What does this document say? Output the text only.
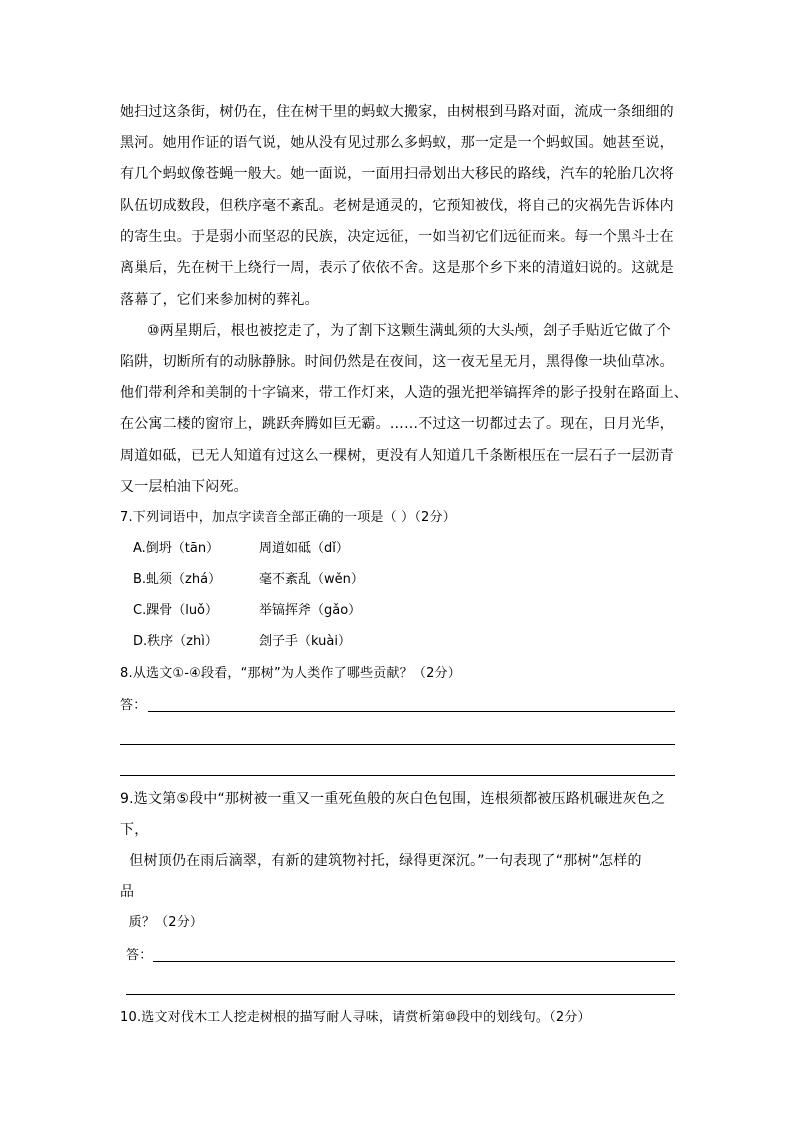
她扫过这条街，树仍在，住在树干里的蚂蚁大搬家，由树根到马路对面，流成一条细细的
黑河。她用作证的语气说，她从没有见过那么多蚂蚁，那一定是一个蚂蚁国。她甚至说，
有几个蚂蚁像苍蝇一般大。她一面说，一面用扫帚划出大移民的路线，汽车的轮胎几次将
队伍切成数段，但秩序毫不紊乱。老树是通灵的，它预知被伐，将自己的灾祸先告诉体内
的寄生虫。于是弱小而坚忍的民族，决定远征，一如当初它们远征而来。每一个黑斗士在
离巢后，先在树干上绕行一周，表示了依依不舍。这是那个乡下来的清道妇说的。这就是
落幕了，它们来参加树的葬礼。
⑩两星期后，根也被挖走了，为了割下这颗生满虬须的大头颅，刽子手贴近它做了个
陷阱，切断所有的动脉静脉。时间仍然是在夜间，这一夜无星无月，黑得像一块仙草冰。
他们带利斧和美制的十字镐来，带工作灯来，人造的强光把举镐挥斧的影子投射在路面上、
在公寓二楼的窗帘上，跳跃奔腾如巨无霸。……不过这一切都过去了。现在，日月光华，
周道如砥，已无人知道有过这么一棵树，更没有人知道几千条断根压在一层石子一层沥青
又一层柏油下闷死。
7.下列词语中，加点字读音全部正确的一项是（ ）（2分）
A.倒坍（tān）	周道如砥（dǐ）
B.虬须（zhá）	毫不紊乱（wěn）
C.踝骨（luǒ）	举镐挥斧（gǎo）
D.秩序（zhì）	刽子手（kuài）
8.从选文①-④段看，“那树”为人类作了哪些贡献？（2分）
答：
9.选文第⑤段中“那树被一重又一重死鱼般的灰白色包围，连根须都被压路机碾进灰色之
下，
但树顶仍在雨后滴翠，有新的建筑物衬托，绿得更深沉。”一句表现了“那树”怎样的
品
质？（2分）
答：
10.选文对伐木工人挖走树根的描写耐人寻味，请赏析第⑩段中的划线句。（2分）
